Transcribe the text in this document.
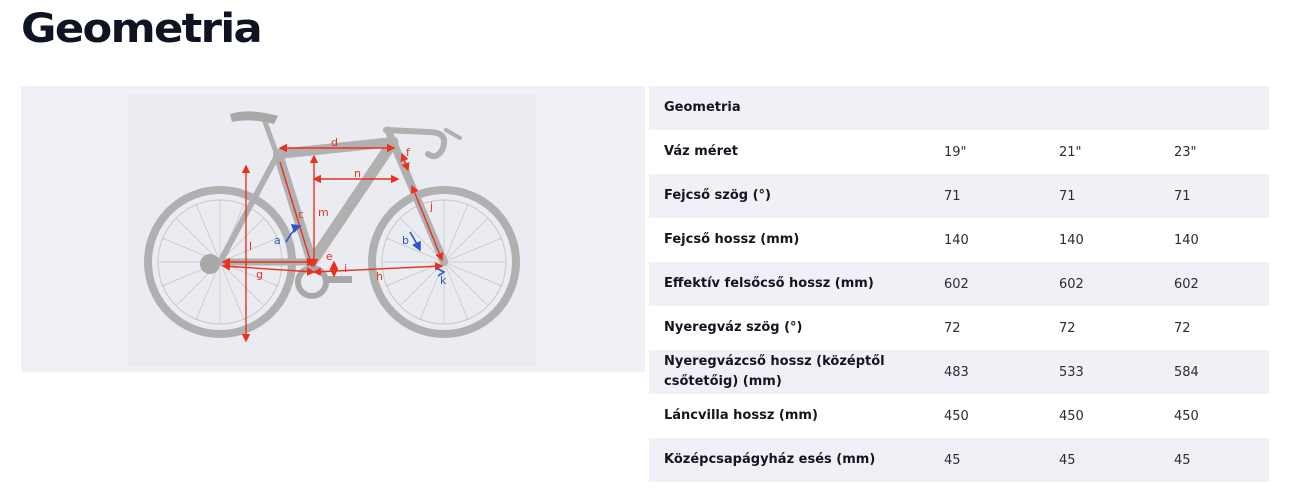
Geometria
d
n
m
l
c
e
g	h
f
j
i
a	b
k
Geometria			
Váz méret	19"	21"	23"
Fejcső szög (°)	71	71	71
Fejcső hossz (mm)	140	140	140
Effektív felsőcső hossz (mm)	602	602	602
Nyeregváz szög (°)	72	72	72
Nyeregvázcső hossz (középtől csőtetőig) (mm)	483	533	584
Láncvilla hossz (mm)	450	450	450
Középcsapágyház esés (mm)	45	45	45
